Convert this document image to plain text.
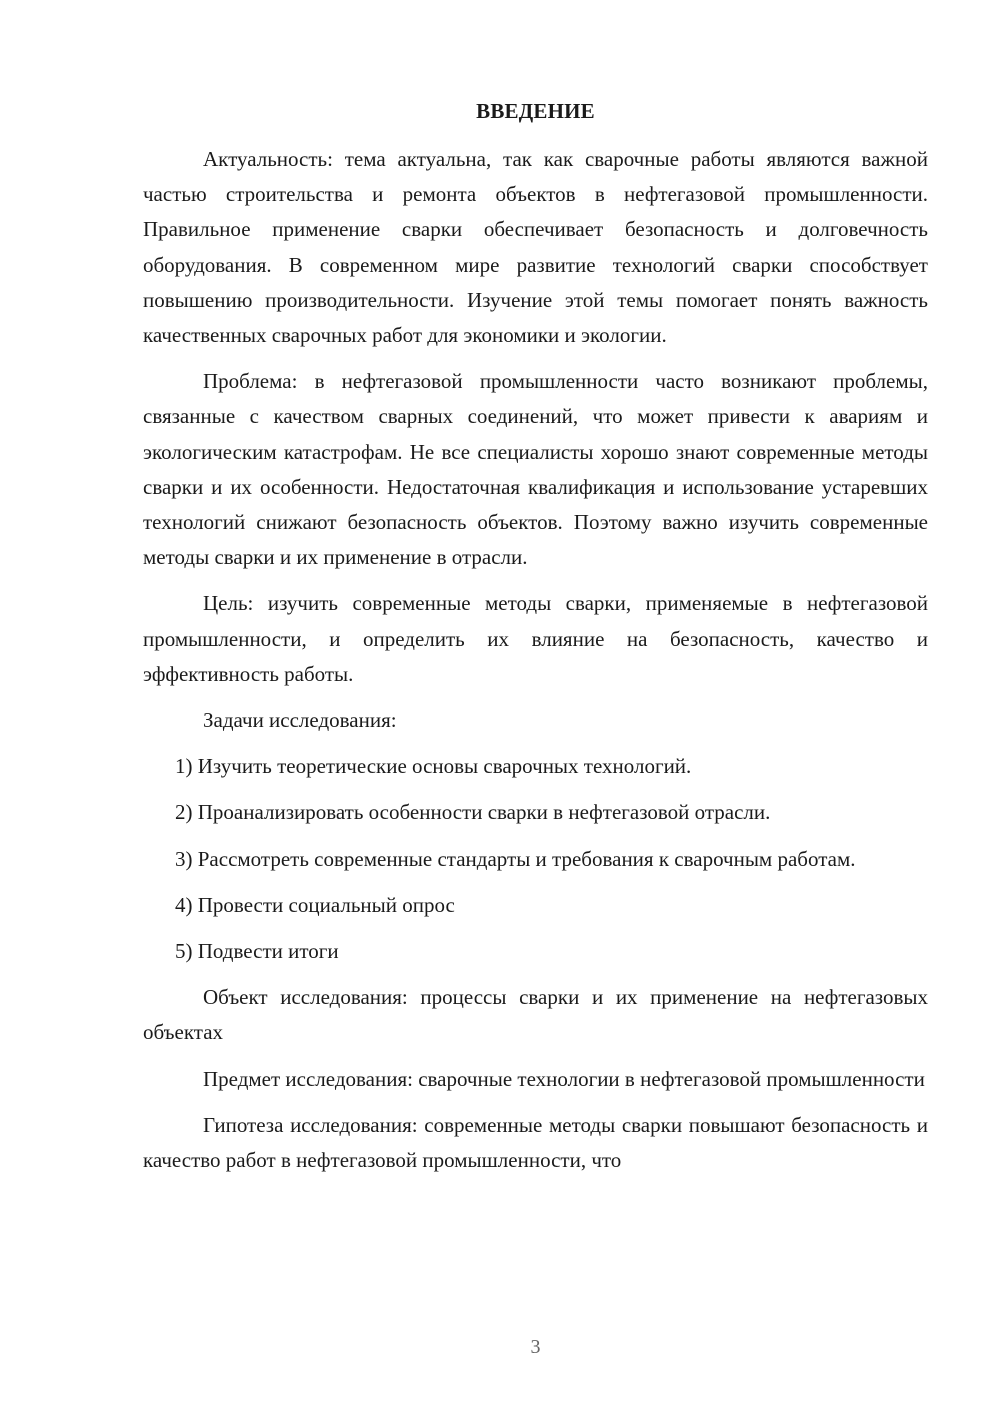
ВВЕДЕНИЕ

Актуальность: тема актуальна, так как сварочные работы являются важной частью строительства и ремонта объектов в нефтегазовой промышленности. Правильное применение сварки обеспечивает безопасность и долговечность оборудования. В современном мире развитие технологий сварки способствует повышению производительности. Изучение этой темы помогает понять важность качественных сварочных работ для экономики и экологии.

Проблема: в нефтегазовой промышленности часто возникают проблемы, связанные с качеством сварных соединений, что может привести к авариям и экологическим катастрофам. Не все специалисты хорошо знают современные методы сварки и их особенности. Недостаточная квалификация и использование устаревших технологий снижают безопасность объектов. Поэтому важно изучить современные методы сварки и их применение в отрасли.

Цель: изучить современные методы сварки, применяемые в нефтегазовой промышленности, и определить их влияние на безопасность, качество и эффективность работы.

Задачи исследования:

1) Изучить теоретические основы сварочных технологий.

2) Проанализировать особенности сварки в нефтегазовой отрасли.

3) Рассмотреть современные стандарты и требования к сварочным работам.

4) Провести социальный опрос

5) Подвести итоги

Объект исследования: процессы сварки и их применение на нефтегазовых объектах

Предмет исследования: сварочные технологии в нефтегазовой промышленности

Гипотеза исследования: современные методы сварки повышают безопасность и качество работ в нефтегазовой промышленности, что

3
